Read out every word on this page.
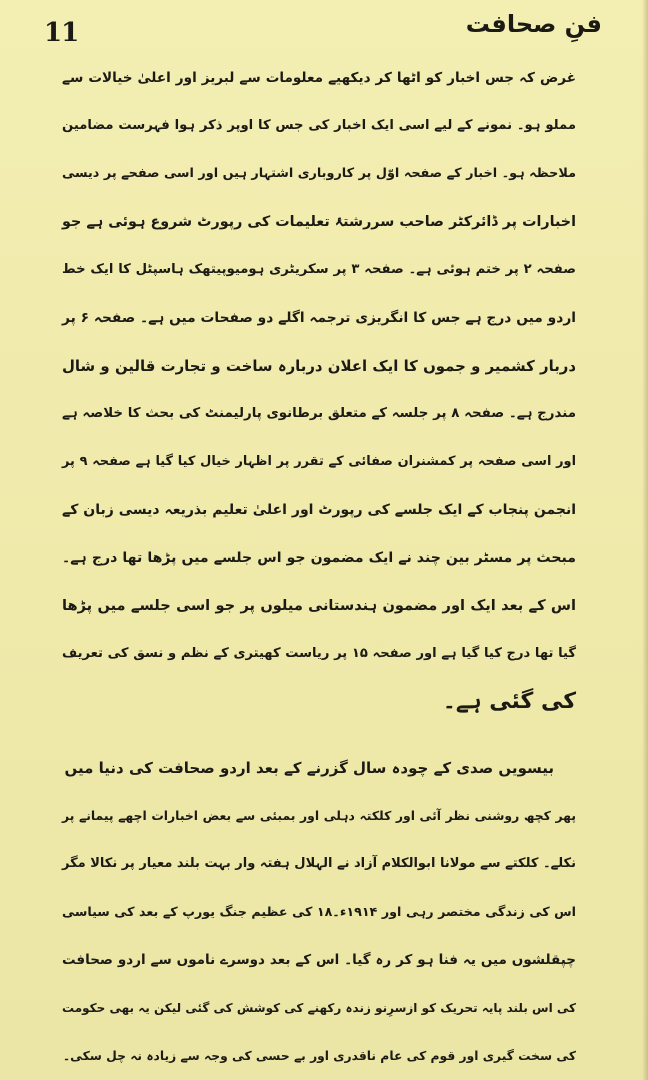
11	فنِ صحافت
غرض کہ جس اخبار کو اٹھا کر دیکھیے معلومات سے لبریز اور اعلیٰ خیالات سے
مملو ہو۔ نمونے کے لیے اسی ایک اخبار کی جس کا اوپر ذکر ہوا فہرست مضامین
ملاحظہ ہو۔ اخبار کے صفحہ اوّل پر کاروباری اشتہار ہیں اور اسی صفحے پر دیسی
اخبارات پر ڈائرکٹر صاحب سررشتۂ تعلیمات کی رپورٹ شروع ہوئی ہے جو
صفحہ ۲ پر ختم ہوئی ہے۔ صفحہ ۳ پر سکریٹری ہومیوپیتھک ہاسپٹل کا ایک خط
اردو میں درج ہے جس کا انگریزی ترجمہ اگلے دو صفحات میں ہے۔ صفحہ ۶ پر
دربار کشمیر و جموں کا ایک اعلان دربارہ ساخت و تجارت قالین و شال
مندرج ہے۔ صفحہ ۸ پر جلسہ کے متعلق برطانوی پارلیمنٹ کی بحث کا خلاصہ ہے
اور اسی صفحہ پر کمشنران صفائی کے تقرر پر اظہار خیال کیا گیا ہے صفحہ ۹ پر
انجمن پنجاب کے ایک جلسے کی رپورٹ اور اعلیٰ تعلیم بذریعہ دیسی زبان کے
مبحث پر مسٹر بین چند نے ایک مضمون جو اس جلسے میں پڑھا تھا درج ہے۔
اس کے بعد ایک اور مضمون ہندستانی میلوں پر جو اسی جلسے میں پڑھا
گیا تھا درج کیا گیا ہے اور صفحہ ۱۵ پر ریاست کھیتری کے نظم و نسق کی تعریف
کی گئی ہے۔
بیسویں صدی کے چودہ سال گزرنے کے بعد اردو صحافت کی دنیا میں
پھر کچھ روشنی نظر آئی اور کلکتہ دہلی اور بمبئی سے بعض اخبارات اچھے پیمانے پر
نکلے۔ کلکتے سے مولانا ابوالکلام آزاد نے الہلال ہفتہ وار بہت بلند معیار پر نکالا مگر
اس کی زندگی مختصر رہی اور ۱۹۱۴ء۔۱۸ کی عظیم جنگ یورپ کے بعد کی سیاسی
چپقلشوں میں یہ فنا ہو کر رہ گیا۔ اس کے بعد دوسرے ناموں سے اردو صحافت
کی اس بلند پایہ تحریک کو ازسرِنو زندہ رکھنے کی کوشش کی گئی لیکن یہ بھی حکومت
کی سخت گیری اور قوم کی عام ناقدری اور بے حسی کی وجہ سے زیادہ نہ چل سکی۔
